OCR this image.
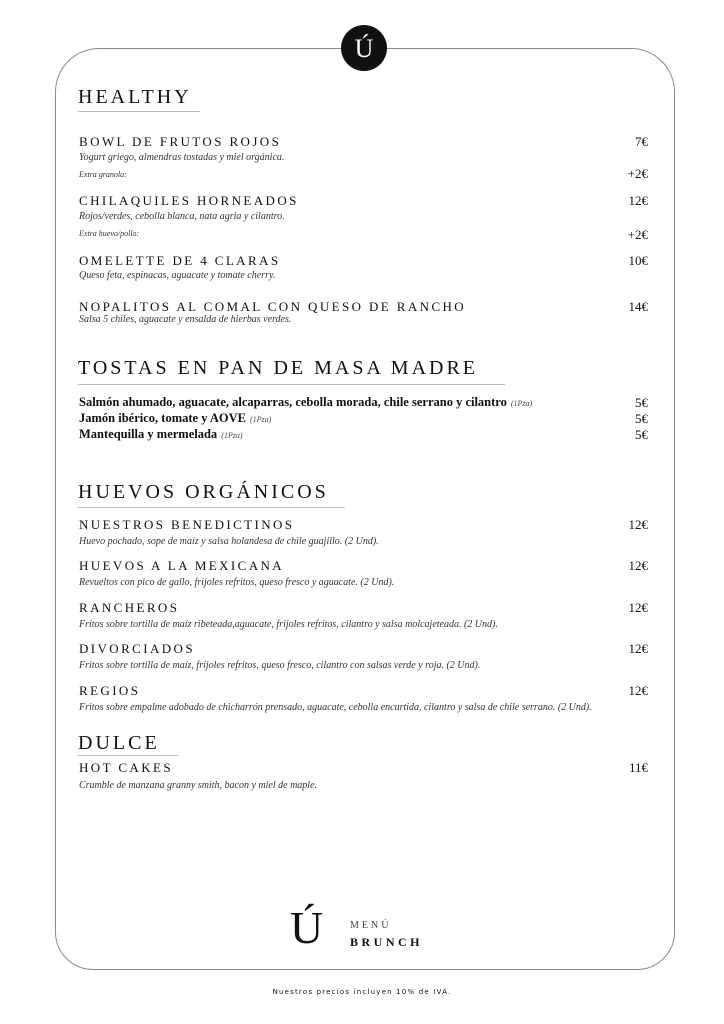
Ú
HEALTHY
BOWL DE FRUTOS ROJOS	7€
Yogurt griego, almendras tostadas y miel orgánica.
Extra granola:	+2€
CHILAQUILES HORNEADOS	12€
Rojos/verdes, cebolla blanca, nata agria y cilantro.
Extra huevo/pollo:	+2€
OMELETTE DE 4 CLARAS	10€
Queso feta, espinacas, aguacate y tomate cherry.
NOPALITOS AL COMAL CON QUESO DE RANCHO	14€
Salsa 5 chiles, aguacate y ensalda de hierbas verdes.
TOSTAS EN PAN DE MASA MADRE
Salmón ahumado, aguacate, alcaparras, cebolla morada, chile serrano y cilantro (1Pza)	5€
Jamón ibérico, tomate y AOVE (1Pza)	5€
Mantequilla y mermelada (1Pza)	5€
HUEVOS ORGÁNICOS
NUESTROS BENEDICTINOS	12€
Huevo pochado, sope de maíz y salsa holandesa de chile guajillo. (2 Und).
HUEVOS A LA MEXICANA	12€
Revueltos con pico de gallo, frijoles refritos, queso fresco y aguacate. (2 Und).
RANCHEROS	12€
Fritos sobre tortilla de maíz ribeteada,aguacate, frijoles refritos, cilantro y salsa molcajeteada. (2 Und).
DIVORCIADOS	12€
Fritos sobre tortilla de maíz, frijoles refritos, queso fresco, cilantro con salsas verde y roja. (2 Und).
REGIOS	12€
Fritos sobre empalme adobado de chicharrón prensado, aguacate, cebolla encurtida, cilantro y salsa de chile serrano. (2 Und).
DULCE
HOT CAKES	11€
Crumble de manzana granny smith, bacon y miel de maple.
Ú	MENÚ
BRUNCH
Nuestros precios incluyen 10% de IVA.
